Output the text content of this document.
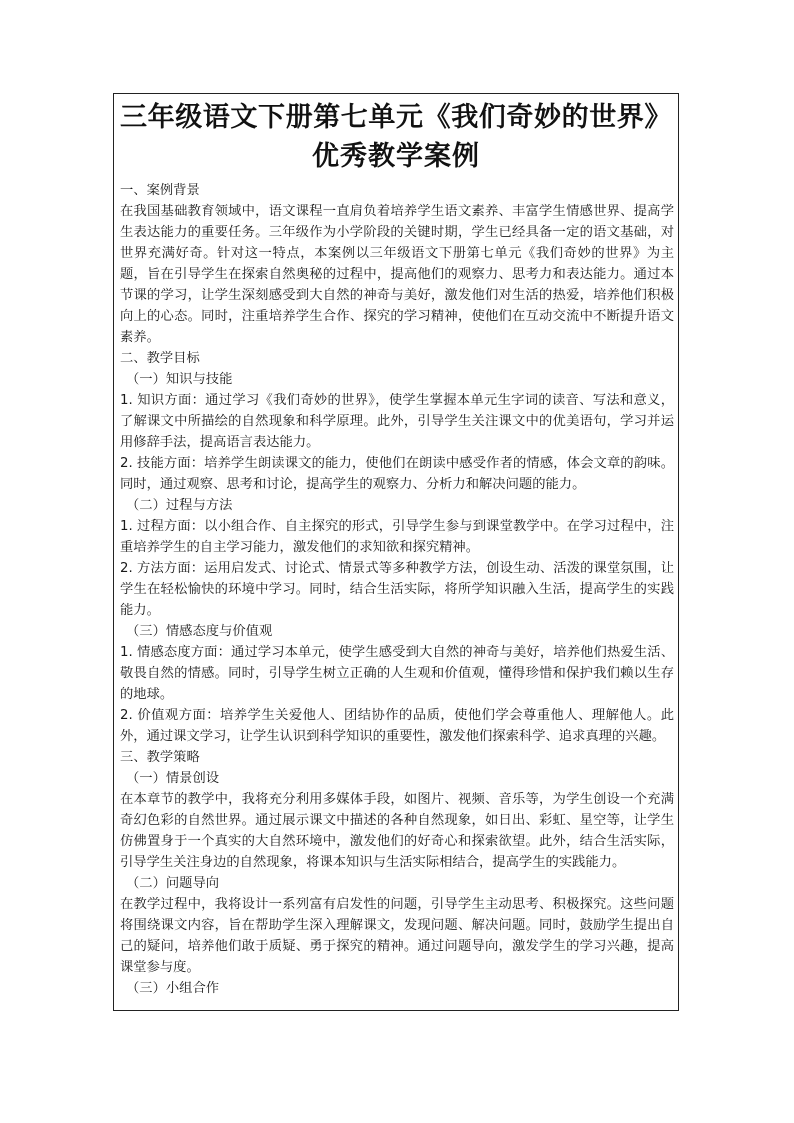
三年级语文下册第七单元《我们奇妙的世界》
优秀教学案例

一、案例背景

在我国基础教育领域中，语文课程一直肩负着培养学生语文素养、丰富学生情感世界、提高学生表达能力的重要任务。三年级作为小学阶段的关键时期，学生已经具备一定的语文基础，对世界充满好奇。针对这一特点，本案例以三年级语文下册第七单元《我们奇妙的世界》为主题，旨在引导学生在探索自然奥秘的过程中，提高他们的观察力、思考力和表达能力。通过本节课的学习，让学生深刻感受到大自然的神奇与美好，激发他们对生活的热爱，培养他们积极向上的心态。同时，注重培养学生合作、探究的学习精神，使他们在互动交流中不断提升语文素养。

二、教学目标

（一）知识与技能

1. 知识方面：通过学习《我们奇妙的世界》，使学生掌握本单元生字词的读音、写法和意义，了解课文中所描绘的自然现象和科学原理。此外，引导学生关注课文中的优美语句，学习并运用修辞手法，提高语言表达能力。

2. 技能方面：培养学生朗读课文的能力，使他们在朗读中感受作者的情感，体会文章的韵味。同时，通过观察、思考和讨论，提高学生的观察力、分析力和解决问题的能力。

（二）过程与方法

1. 过程方面：以小组合作、自主探究的形式，引导学生参与到课堂教学中。在学习过程中，注重培养学生的自主学习能力，激发他们的求知欲和探究精神。

2. 方法方面：运用启发式、讨论式、情景式等多种教学方法，创设生动、活泼的课堂氛围，让学生在轻松愉快的环境中学习。同时，结合生活实际，将所学知识融入生活，提高学生的实践能力。

（三）情感态度与价值观

1. 情感态度方面：通过学习本单元，使学生感受到大自然的神奇与美好，培养他们热爱生活、敬畏自然的情感。同时，引导学生树立正确的人生观和价值观，懂得珍惜和保护我们赖以生存的地球。

2. 价值观方面：培养学生关爱他人、团结协作的品质，使他们学会尊重他人、理解他人。此外，通过课文学习，让学生认识到科学知识的重要性，激发他们探索科学、追求真理的兴趣。

三、教学策略

（一）情景创设

在本章节的教学中，我将充分利用多媒体手段，如图片、视频、音乐等，为学生创设一个充满奇幻色彩的自然世界。通过展示课文中描述的各种自然现象，如日出、彩虹、星空等，让学生仿佛置身于一个真实的大自然环境中，激发他们的好奇心和探索欲望。此外，结合生活实际，引导学生关注身边的自然现象，将课本知识与生活实际相结合，提高学生的实践能力。

（二）问题导向

在教学过程中，我将设计一系列富有启发性的问题，引导学生主动思考、积极探究。这些问题将围绕课文内容，旨在帮助学生深入理解课文，发现问题、解决问题。同时，鼓励学生提出自己的疑问，培养他们敢于质疑、勇于探究的精神。通过问题导向，激发学生的学习兴趣，提高课堂参与度。

（三）小组合作
